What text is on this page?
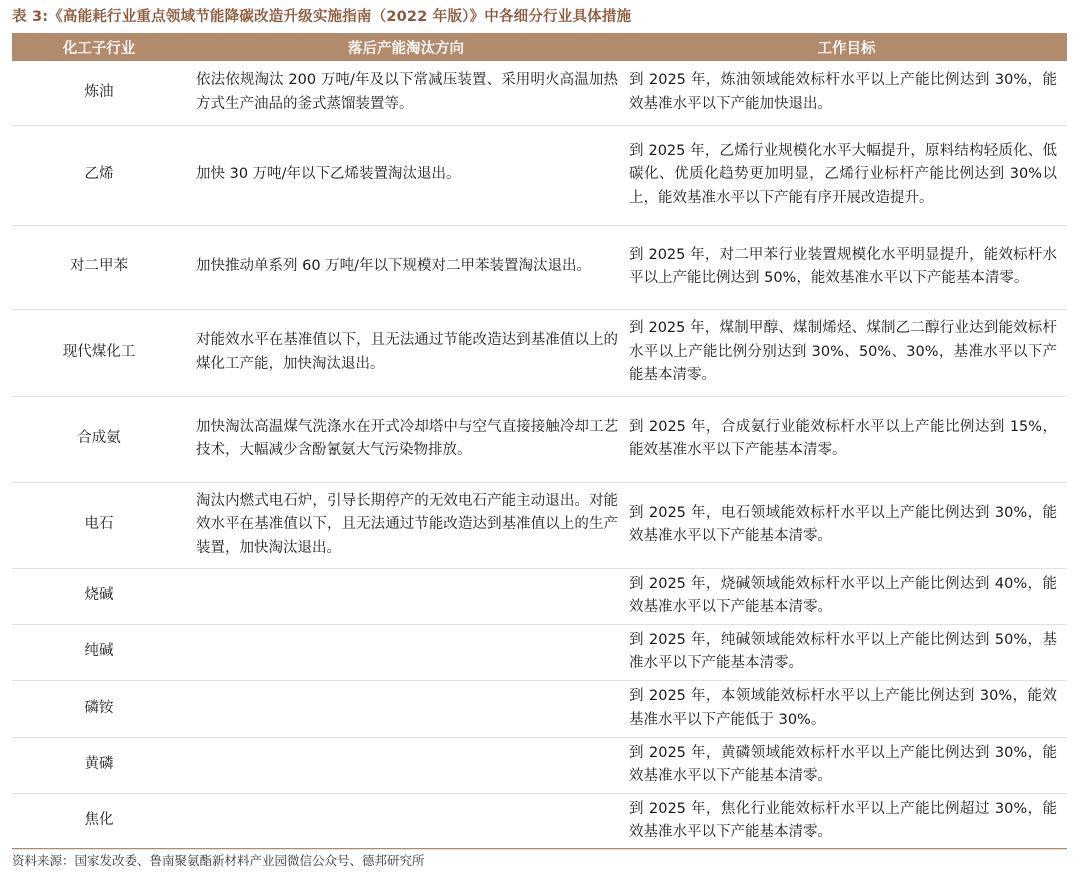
表 3:《高能耗行业重点领域节能降碳改造升级实施指南（2022 年版）》中各细分行业具体措施
化工子行业	落后产能淘汰方向	工作目标
炼油	依法依规淘汰 200 万吨/年及以下常减压装置、采用明火高温加热方式生产油品的釜式蒸馏装置等。	到 2025 年，炼油领域能效标杆水平以上产能比例达到 30%，能效基准水平以下产能加快退出。
乙烯	加快 30 万吨/年以下乙烯装置淘汰退出。	到 2025 年，乙烯行业规模化水平大幅提升，原料结构轻质化、低碳化、优质化趋势更加明显，乙烯行业标杆产能比例达到 30%以上，能效基准水平以下产能有序开展改造提升。
对二甲苯	加快推动单系列 60 万吨/年以下规模对二甲苯装置淘汰退出。	到 2025 年，对二甲苯行业装置规模化水平明显提升，能效标杆水平以上产能比例达到 50%，能效基准水平以下产能基本清零。
现代煤化工	对能效水平在基准值以下，且无法通过节能改造达到基准值以上的煤化工产能，加快淘汰退出。	到 2025 年，煤制甲醇、煤制烯烃、煤制乙二醇行业达到能效标杆水平以上产能比例分别达到 30%、50%、30%，基准水平以下产能基本清零。
合成氨	加快淘汰高温煤气洗涤水在开式冷却塔中与空气直接接触冷却工艺技术，大幅减少含酚氰氨大气污染物排放。	到 2025 年，合成氨行业能效标杆水平以上产能比例达到 15%，能效基准水平以下产能基本清零。
电石	淘汰内燃式电石炉，引导长期停产的无效电石产能主动退出。对能效水平在基准值以下，且无法通过节能改造达到基准值以上的生产装置，加快淘汰退出。	到 2025 年，电石领域能效标杆水平以上产能比例达到 30%，能效基准水平以下产能基本清零。
烧碱		到 2025 年，烧碱领域能效标杆水平以上产能比例达到 40%，能效基准水平以下产能基本清零。
纯碱		到 2025 年，纯碱领域能效标杆水平以上产能比例达到 50%，基准水平以下产能基本清零。
磷铵		到 2025 年，本领域能效标杆水平以上产能比例达到 30%，能效基准水平以下产能低于 30%。
黄磷		到 2025 年，黄磷领域能效标杆水平以上产能比例达到 30%，能效基准水平以下产能基本清零。
焦化		到 2025 年，焦化行业能效标杆水平以上产能比例超过 30%，能效基准水平以下产能基本清零。
资料来源：国家发改委、鲁南聚氨酯新材料产业园微信公众号、德邦研究所
